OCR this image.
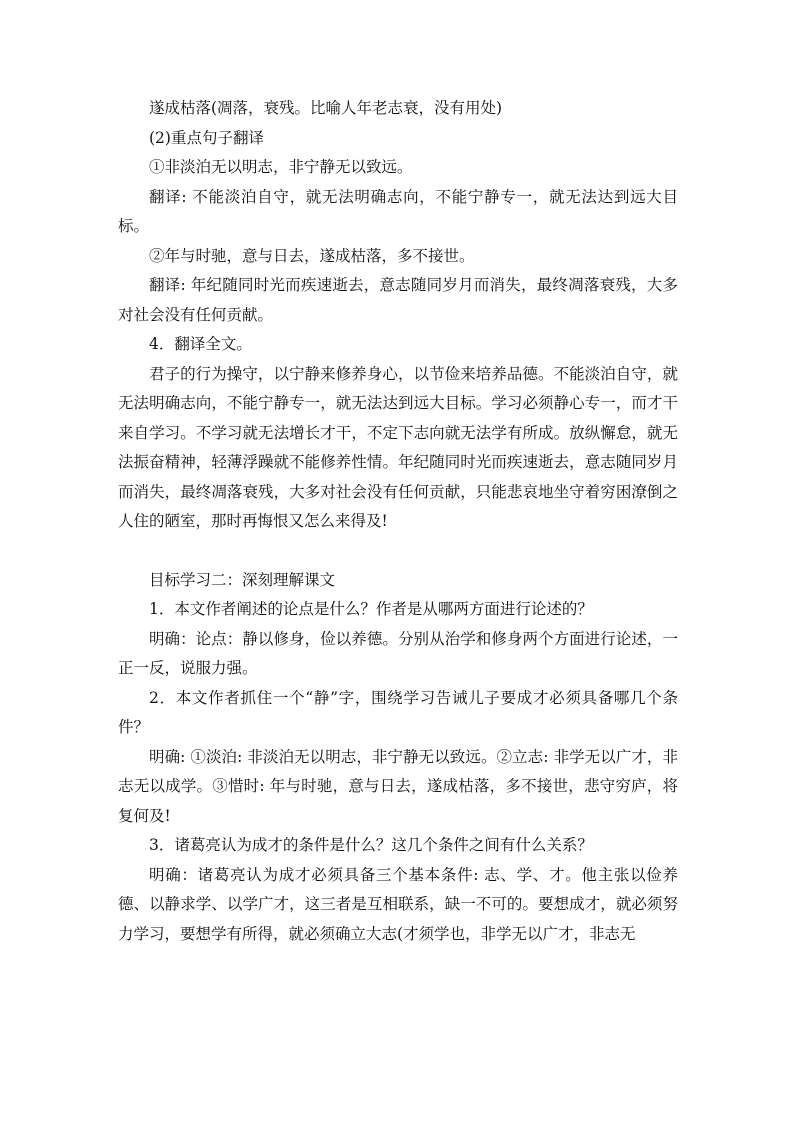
遂成枯落(凋落，衰残。比喻人年老志衰，没有用处)

(2)重点句子翻译

①非淡泊无以明志，非宁静无以致远。

翻译: 不能淡泊自守，就无法明确志向，不能宁静专一，就无法达到远大目标。

②年与时驰，意与日去，遂成枯落，多不接世。

翻译: 年纪随同时光而疾速逝去，意志随同岁月而消失，最终凋落衰残，大多对社会没有任何贡献。

4．翻译全文。

君子的行为操守，以宁静来修养身心，以节俭来培养品德。不能淡泊自守，就无法明确志向，不能宁静专一，就无法达到远大目标。学习必须静心专一，而才干来自学习。不学习就无法增长才干，不定下志向就无法学有所成。放纵懈怠，就无法振奋精神，轻薄浮躁就不能修养性情。年纪随同时光而疾速逝去，意志随同岁月而消失，最终凋落衰残，大多对社会没有任何贡献，只能悲哀地坐守着穷困潦倒之人住的陋室，那时再悔恨又怎么来得及!

目标学习二：深刻理解课文

1．本文作者阐述的论点是什么？作者是从哪两方面进行论述的？

明确：论点：静以修身，俭以养德。分别从治学和修身两个方面进行论述，一正一反，说服力强。

2．本文作者抓住一个“静”字，围绕学习告诫儿子要成才必须具备哪几个条件？

明确: ①淡泊: 非淡泊无以明志，非宁静无以致远。②立志: 非学无以广才，非志无以成学。③惜时: 年与时驰，意与日去，遂成枯落，多不接世，悲守穷庐，将复何及!

3．诸葛亮认为成才的条件是什么？这几个条件之间有什么关系？

明确：诸葛亮认为成才必须具备三个基本条件: 志、学、才。他主张以俭养德、以静求学、以学广才，这三者是互相联系，缺一不可的。要想成才，就必须努力学习，要想学有所得，就必须确立大志(才须学也，非学无以广才，非志无
